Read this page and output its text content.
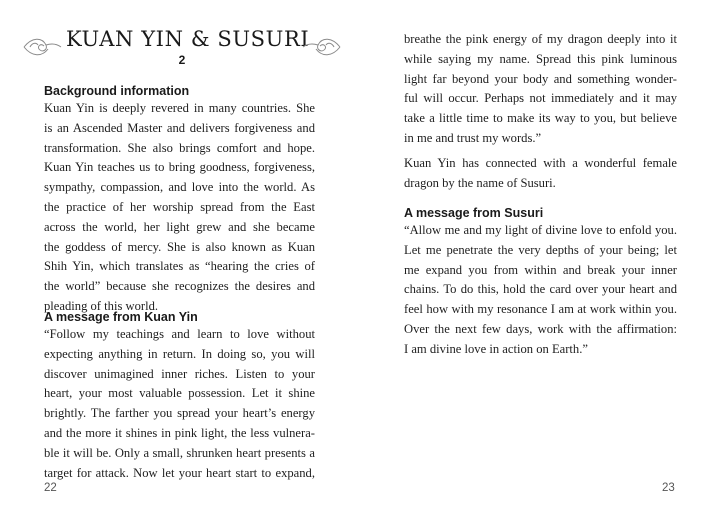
KUAN YIN & SUSURI
2
Background information
Kuan Yin is deeply revered in many countries. She
is an Ascended Master and delivers forgiveness and
transformation. She also brings comfort and hope.
Kuan Yin teaches us to bring goodness, forgiveness,
sympathy, compassion, and love into the world. As
the practice of her worship spread from the East
across the world, her light grew and she became
the goddess of mercy. She is also known as Kuan
Shih Yin, which translates as “hearing the cries of
the world” because she recognizes the desires and
pleading of this world.
A message from Kuan Yin
“Follow my teachings and learn to love without
expecting anything in return. In doing so, you will
discover unimagined inner riches. Listen to your
heart, your most valuable possession. Let it shine
brightly. The farther you spread your heart’s energy
and the more it shines in pink light, the less vulnera-
ble it will be. Only a small, shrunken heart presents a
target for attack. Now let your heart start to expand,
22
breathe the pink energy of my dragon deeply into it
while saying my name. Spread this pink luminous
light far beyond your body and something wonder-
ful will occur. Perhaps not immediately and it may
take a little time to make its way to you, but believe
in me and trust my words.”
Kuan Yin has connected with a wonderful female
dragon by the name of Susuri.
A message from Susuri
“Allow me and my light of divine love to enfold you.
Let me penetrate the very depths of your being; let
me expand you from within and break your inner
chains. To do this, hold the card over your heart and
feel how with my resonance I am at work within you.
Over the next few days, work with the affirmation:
I am divine love in action on Earth.”
23
